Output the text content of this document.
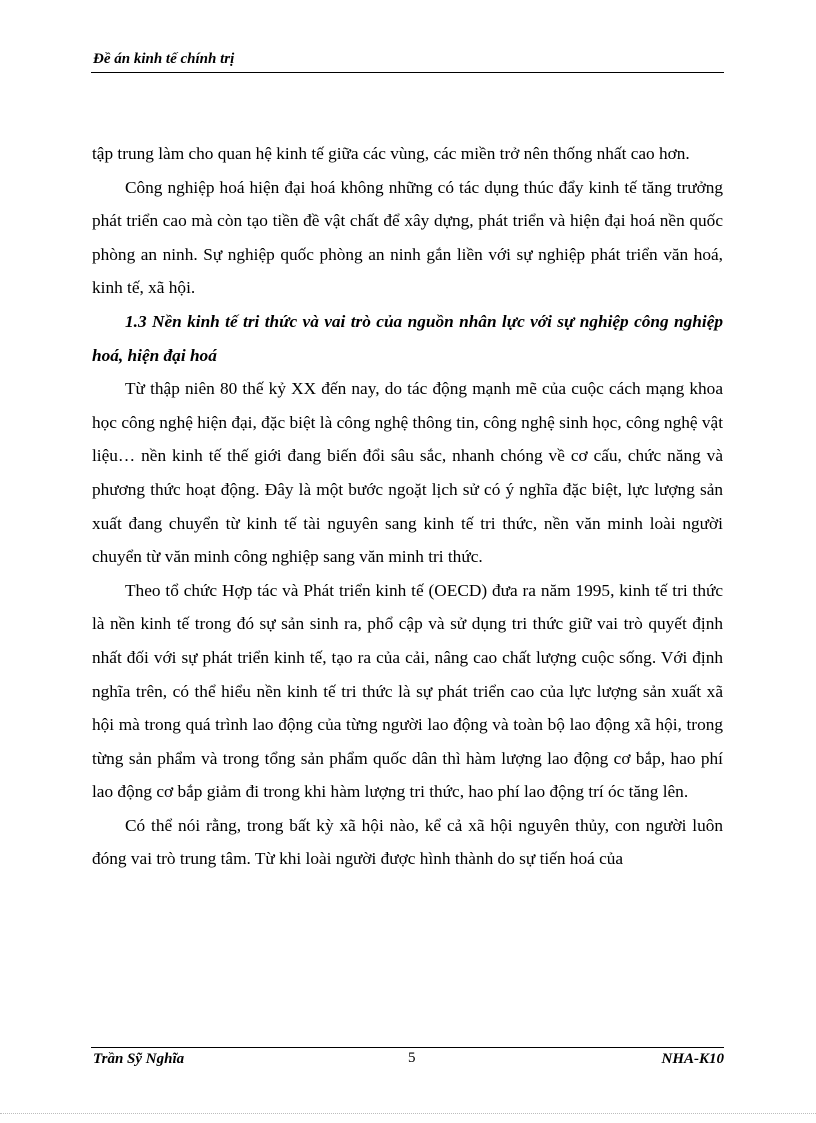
Đề án kinh tế chính trị

tập trung làm cho quan hệ kinh tế giữa các vùng, các miền trở nên thống nhất cao hơn.

Công nghiệp hoá hiện đại hoá không những có tác dụng thúc đẩy kinh tế tăng trưởng phát triển cao mà còn tạo tiền đề vật chất để xây dựng, phát triển và hiện đại hoá nền quốc phòng an ninh. Sự nghiệp quốc phòng an ninh gắn liền với sự nghiệp phát triển văn hoá, kinh tế, xã hội.

1.3 Nền kinh tế tri thức và vai trò của nguồn nhân lực với sự nghiệp công nghiệp hoá, hiện đại hoá

Từ thập niên 80 thế kỷ XX đến nay, do tác động mạnh mẽ của cuộc cách mạng khoa học công nghệ hiện đại, đặc biệt là công nghệ thông tin, công nghệ sinh học, công nghệ vật liệu… nền kinh tế thế giới đang biến đổi sâu sắc, nhanh chóng về cơ cấu, chức năng và phương thức hoạt động. Đây là một bước ngoặt lịch sử có ý nghĩa đặc biệt, lực lượng sản xuất đang chuyển từ kinh tế tài nguyên sang kinh tế tri thức, nền văn minh loài người chuyển từ văn minh công nghiệp sang văn minh tri thức.

Theo tổ chức Hợp tác và Phát triển kinh tế (OECD) đưa ra năm 1995, kinh tế tri thức là nền kinh tế trong đó sự sản sinh ra, phổ cập và sử dụng tri thức giữ vai trò quyết định nhất đối với sự phát triển kinh tế, tạo ra của cải, nâng cao chất lượng cuộc sống. Với định nghĩa trên, có thể hiểu nền kinh tế tri thức là sự phát triển cao của lực lượng sản xuất xã hội mà trong quá trình lao động của từng người lao động và toàn bộ lao động xã hội, trong từng sản phẩm và trong tổng sản phẩm quốc dân thì hàm lượng lao động cơ bắp, hao phí lao động cơ bắp giảm đi trong khi hàm lượng tri thức, hao phí lao động trí óc tăng lên.

Có thể nói rằng, trong bất kỳ xã hội nào, kể cả xã hội nguyên thủy, con người luôn đóng vai trò trung tâm. Từ khi loài người được hình thành do sự tiến hoá của

Trần Sỹ Nghĩa	5	NHA-K10
